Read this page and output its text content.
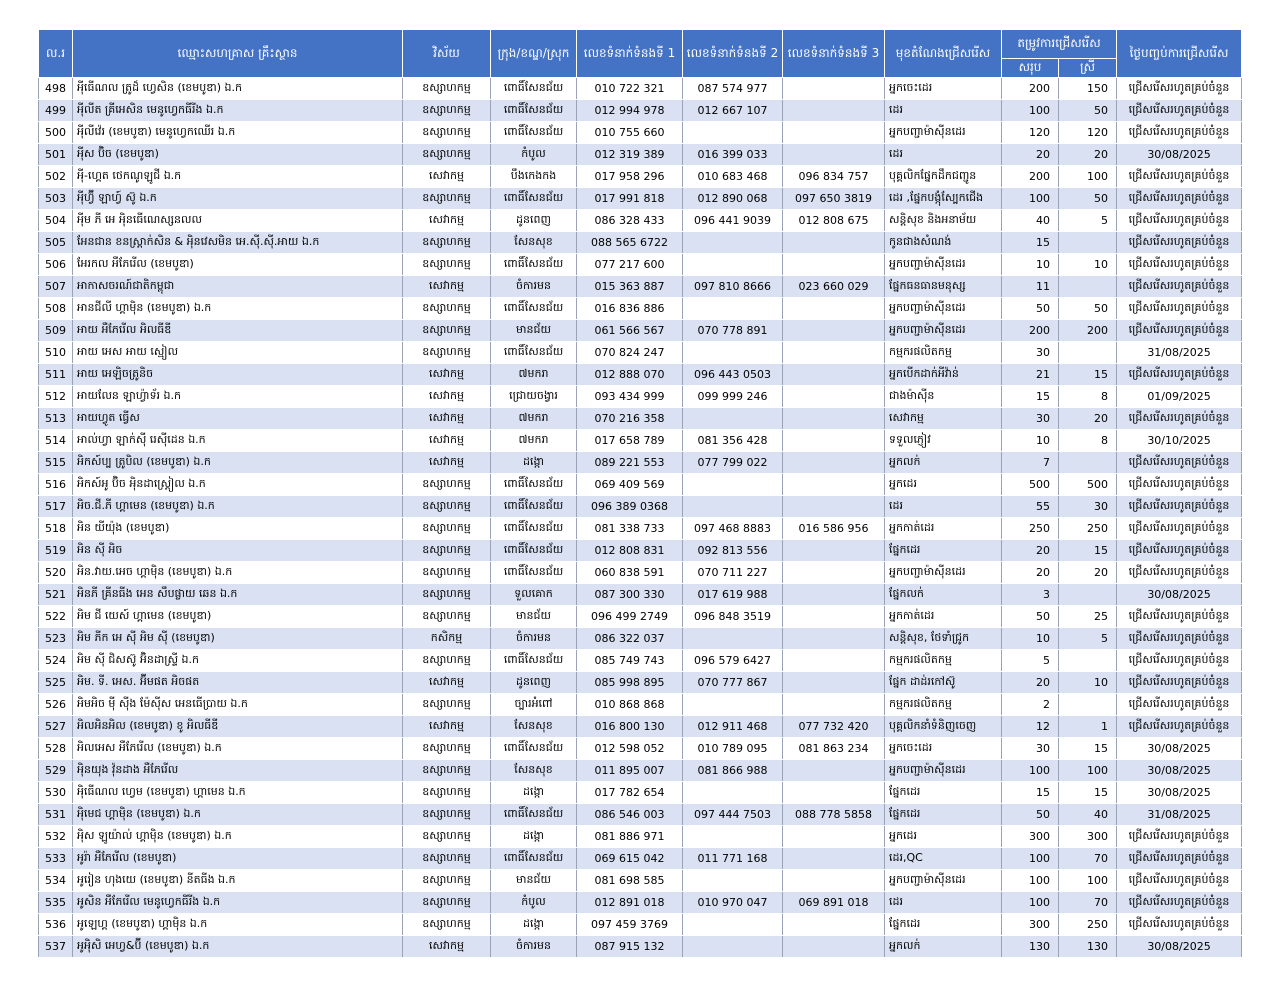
ល.រ	ឈ្មោះសហគ្រាស គ្រឹះស្ថាន	វិស័យ	ក្រុង/ខណ្ឌ/ស្រុក	លេខទំនាក់ទំនងទី 1	លេខទំនាក់ទំនងទី 2	លេខទំនាក់ទំនងទី 3	មុខតំណែងជ្រើសរើស	តម្រូវការជ្រើសរើស		ថ្ងៃបញ្ចប់ការជ្រើសរើស
								សរុប	ស្រី	
498	អុីធើណល ត្រូដ៏ ហ្វេសិន (ខេមបូឌា) ឯ.ក	ឧស្សាហកម្ម	ពោធិ៍សែនជ័យ	010 722 321	087 574 977		អ្នកចេះដេរ	200	150	ជ្រើសរើសរហូតគ្រប់ចំនួន
499	អុីលីត គ្រីអេសិន មេនូហ្វេកធីរីង ឯ.ក	ឧស្សាហកម្ម	ពោធិ៍សែនជ័យ	012 994 978	012 667 107		ដេរ	100	50	ជ្រើសរើសរហូតគ្រប់ចំនួន
500	អុីលីវ៉េរ (ខេមបូឌា) មេនូហ្វេកឈើរ ឯ.ក	ឧស្សាហកម្ម	ពោធិ៍សែនជ័យ	010 755 660			អ្នកបញ្ជាម៉ាស៊ីនដេរ	120	120	ជ្រើសរើសរហូតគ្រប់ចំនួន
501	អុីស ប៊ិច (ខេមបូឌា)	ឧស្សាហកម្ម	កំបូល	012 319 389	016 399 033		ដេរ	20	20	30/08/2025
502	អុី-ហ្គេត ថេកណូឡូជី ឯ.ក	សេវាកម្ម	បឹងកេងកង	017 958 296	010 683 468	096 834 757	បុគ្គលិកផ្នែកដឹកជញ្ជូន	200	100	ជ្រើសរើសរហូតគ្រប់ចំនួន
503	អុីហ្វ៊ី ឡាហ្វ៍ ស៊ូ ឯ.ក	ឧស្សាហកម្ម	ពោធិ៍សែនជ័យ	017 991 818	012 890 068	097 650 3819	ដេរ ,ផ្នែកបង្កុំស្បែកជើង	100	50	ជ្រើសរើសរហូតគ្រប់ចំនួន
504	អុីម ភី អេ អុិនធើណេស្សនលល	សេវាកម្ម	ដូនពេញ	086 328 433	096 441 9039	012 808 675	សន្តិសុខ និងអនាម័យ	40	5	ជ្រើសរើសរហូតគ្រប់ចំនួន
505	អែនជាន ខនស្រ្តាក់សិន & អុិនវេសមិន អេ.ស៊ី.ស៊ី.អាយ ឯ.ក	ឧស្សាហកម្ម	សែនសុខ	088 565 6722			កូនជាងសំណង់	15		ជ្រើសរើសរហូតគ្រប់ចំនួន
506	អែរកល អឺភែរើល (ខេមបូឌា)	ឧស្សាហកម្ម	ពោធិ៍សែនជ័យ	077 217 600			អ្នកបញ្ជាម៉ាស៊ីនដេរ	10	10	ជ្រើសរើសរហូតគ្រប់ចំនួន
507	អាកាសចរណ៍ជាតិកម្ពុជា	សេវាកម្ម	ចំការមន	015 363 887	097 810 8666	023 660 029	ផ្នែកធនធានមនុស្ស	11		ជ្រើសរើសរហូតគ្រប់ចំនួន
508	អានជីលី ហ្គាម៉ិន (ខេមបូឌា) ឯ.ក	ឧស្សាហកម្ម	ពោធិ៍សែនជ័យ	016 836 886			អ្នកបញ្ជាម៉ាស៊ីនដេរ	50	50	ជ្រើសរើសរហូតគ្រប់ចំនួន
509	អាយ អឺភែរើល អិលធីឌី	ឧស្សាហកម្ម	មានជ័យ	061 566 567	070 778 891		អ្នកបញ្ជាម៉ាស៊ីនដេរ	200	200	ជ្រើសរើសរហូតគ្រប់ចំនួន
510	អាយ អេស អាយ ស្មៀល	ឧស្សាហកម្ម	ពោធិ៍សែនជ័យ	070 824 247			កម្មករផលិតកម្ម	30		31/08/2025
511	អាយ អេឡិចត្រូនិច	សេវាកម្ម	៧មករា	012 888 070	096 443 0503		អ្នកបើកដាក់អីវ៉ាន់	21	15	ជ្រើសរើសរហូតគ្រប់ចំនួន
512	អាយលែន ឡាហ្វ៉ាទ័រ ឯ.ក	សេវាកម្ម	ជ្រោយចង្វារ	093 434 999	099 999 246		ជាងម៉ាស៊ីន	15	8	01/09/2025
513	អាយហ្វូត ធ្វើស	សេវាកម្ម	៧មករា	070 216 358			សេវាកម្ម	30	20	ជ្រើសរើសរហូតគ្រប់ចំនួន
514	អាល់ហ្វា ឡាក់ស៊ី រេស៊ីដេន ឯ.ក	សេវាកម្ម	៧មករា	017 658 789	081 356 428		ទទួលភ្ញៀវ	10	8	30/10/2025
515	អិកស៍ប្ប ត្រូបិល (ខេមបូឌា) ឯ.ក	សេវាកម្ម	ដង្កោ	089 221 553	077 799 022		អ្នកលក់	7		ជ្រើសរើសរហូតគ្រប់ចំនួន
516	អិកស៍អូ ប៊ិច អុិនដាស្ត្រៀល ឯ.ក	ឧស្សាហកម្ម	ពោធិ៍សែនជ័យ	069 409 569			អ្នកដេរ	500	500	ជ្រើសរើសរហូតគ្រប់ចំនួន
517	អិច.ជី.ភី ហ្គាមេន (ខេមបូឌា) ឯ.ក	ឧស្សាហកម្ម	ពោធិ៍សែនជ័យ	096 389 0368			ដេរ	55	30	ជ្រើសរើសរហូតគ្រប់ចំនួន
518	អិន យីយ៉ុង (ខេមបូឌា)	ឧស្សាហកម្ម	ពោធិ៍សែនជ័យ	081 338 733	097 468 8883	016 586 956	អ្នកកាត់ដេរ	250	250	ជ្រើសរើសរហូតគ្រប់ចំនួន
519	អិន ស៊ី អិច	ឧស្សាហកម្ម	ពោធិ៍សែនជ័យ	012 808 831	092 813 556		ផ្នែកដេរ	20	15	ជ្រើសរើសរហូតគ្រប់ចំនួន
520	អិន.វាយ.អេច ហ្គាម៉ិន (ខេមបូឌា) ឯ.ក	ឧស្សាហកម្ម	ពោធិ៍សែនជ័យ	060 838 591	070 711 227		អ្នកបញ្ជាម៉ាស៊ីនដេរ	20	20	ជ្រើសរើសរហូតគ្រប់ចំនួន
521	អិនភី គ្រីនធីង អេន សឹបផ្លាយ ឆេន ឯ.ក	ឧស្សាហកម្ម	ទួលគោក	087 300 330	017 619 988		ផ្នែកលក់	3		30/08/2025
522	អិម ជី យេស៍ ហ្គាមេន (ខេមបូឌា)	ឧស្សាហកម្ម	មានជ័យ	096 499 2749	096 848 3519		អ្នកកាត់ដេរ	50	25	ជ្រើសរើសរហូតគ្រប់ចំនួន
523	អិម ភីក អេ ស៊ី អិម ស៊ី (ខេមបូឌា)	កសិកម្ម	ចំការមន	086 322 037			សន្តិសុខ, ថែទាំជ្រូក	10	5	ជ្រើសរើសរហូតគ្រប់ចំនួន
524	អិម ស៊ី ជិសស៊ូ អ៊ិនដាស្រ្ទី ឯ.ក	ឧស្សាហកម្ម	ពោធិ៍សែនជ័យ	085 749 743	096 579 6427		កម្មករផលិតកម្ម	5		ជ្រើសរើសរហូតគ្រប់ចំនួន
525	អិម. ទី. អេស. អ៊ីមផត អិចផត	សេវាកម្ម	ដូនពេញ	085 998 895	070 777 867		ផ្នែក ដាដ់រកៅស៊ូ	20	10	ជ្រើសរើសរហូតគ្រប់ចំនួន
526	អិមអិច ម៉ី ស៊ីង ម៉ែស៊ីស អេនធើប្រាយ ឯ.ក	ឧស្សាហកម្ម	ច្បារអំពៅ	010 868 868			កម្មករផលិតកម្ម	2		ជ្រើសរើសរហូតគ្រប់ចំនួន
527	អិលអិនអិល (ខេមបូឌា) ខូ អិលធីឌី	សេវាកម្ម	សែនសុខ	016 800 130	012 911 468	077 732 420	បុគ្គលិកនាំទំនិញចេញ	12	1	ជ្រើសរើសរហូតគ្រប់ចំនួន
528	អិលអេស អឺភែរើល (ខេមបូឌា) ឯ.ក	ឧស្សាហកម្ម	ពោធិ៍សែនជ័យ	012 598 052	010 789 095	081 863 234	អ្នកចេះដេរ	30	15	30/08/2025
529	អុិនយុង វ៉ុនដាង អឺភែរើល	ឧស្សាហកម្ម	សែនសុខ	011 895 007	081 866 988		អ្នកបញ្ជាម៉ាស៊ីនដេរ	100	100	30/08/2025
530	អុិធើណល ហ្វេម (ខេមបូឌា) ហ្គាមេន ឯ.ក	ឧស្សាហកម្ម	ដង្កោ	017 782 654			ផ្នែកដេរ	15	15	30/08/2025
531	អុិមេជ ហ្គាម៉ិន (ខេមបូឌា) ឯ.ក	ឧស្សាហកម្ម	ពោធិ៍សែនជ័យ	086 546 003	097 444 7503	088 778 5858	ផ្នែកដេរ	50	40	31/08/2025
532	អុិស ឡូយ៉ាល់ ហ្គាម៉ិន (ខេមបូឌា) ឯ.ក	ឧស្សាហកម្ម	ដង្កោ	081 886 971			អ្នកដេរ	300	300	ជ្រើសរើសរហូតគ្រប់ចំនួន
533	អូរ៉ា អឺភែរើល (ខេមបូឌា)	ឧស្សាហកម្ម	ពោធិ៍សែនជ័យ	069 615 042	011 771 168		ដេរ,QC	100	70	ជ្រើសរើសរហូតគ្រប់ចំនួន
534	អូរៀន ហុងយេ (ខេមបូឌា) នីតធីង ឯ.ក	ឧស្សាហកម្ម	មានជ័យ	081 698 585			អ្នកបញ្ជាម៉ាស៊ីនដេរ	100	100	ជ្រើសរើសរហូតគ្រប់ចំនួន
535	អូសិន អឺភែរើល មេនូហ្វេកធីរីង ឯ.ក	ឧស្សាហកម្ម	កំបូល	012 891 018	010 970 047	069 891 018	ដេរ	100	70	ជ្រើសរើសរហូតគ្រប់ចំនួន
536	អូឡេហ្គ (ខេមបូឌា) ហ្គាម៉ិន ឯ.ក	ឧស្សាហកម្ម	ដង្កោ	097 459 3769			ផ្នែកដេរ	300	250	ជ្រើសរើសរហូតគ្រប់ចំនួន
537	អូអុិសិ អេហ្វ&ប៊ី (ខេមបូឌា) ឯ.ក	សេវាកម្ម	ចំការមន	087 915 132			អ្នកលក់	130	130	30/08/2025
